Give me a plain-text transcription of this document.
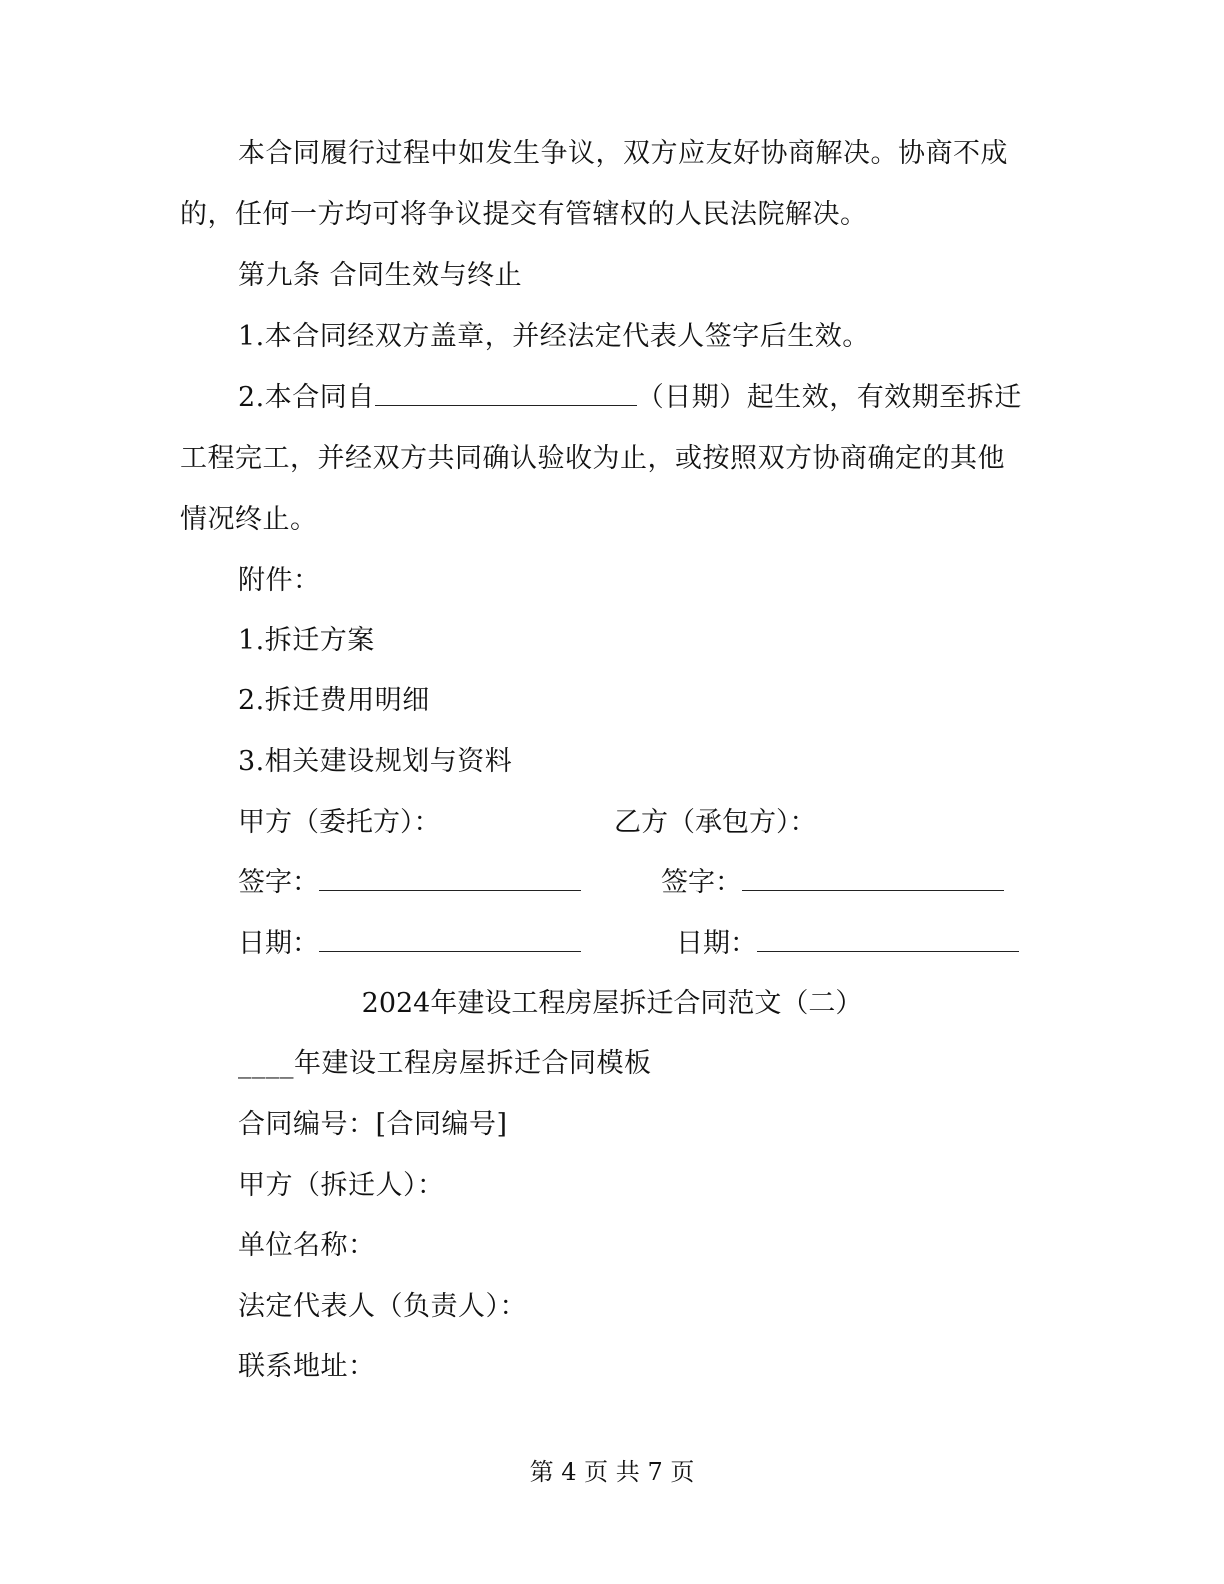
本合同履行过程中如发生争议，双方应友好协商解决。协商不成
的，任何一方均可将争议提交有管辖权的人民法院解决。
第九条 合同生效与终止
1.本合同经双方盖章，并经法定代表人签字后生效。
2.本合同自	（日期）起生效，有效期至拆迁
工程完工，并经双方共同确认验收为止，或按照双方协商确定的其他
情况终止。
附件：
1.拆迁方案
2.拆迁费用明细
3.相关建设规划与资料
甲方（委托方）：	乙方（承包方）：
签字：	签字：
日期：	日期：
2024年建设工程房屋拆迁合同范文（二）
____年建设工程房屋拆迁合同模板
合同编号：[合同编号]
甲方（拆迁人）：
单位名称：
法定代表人（负责人）：
联系地址：
第 4 页 共 7 页
